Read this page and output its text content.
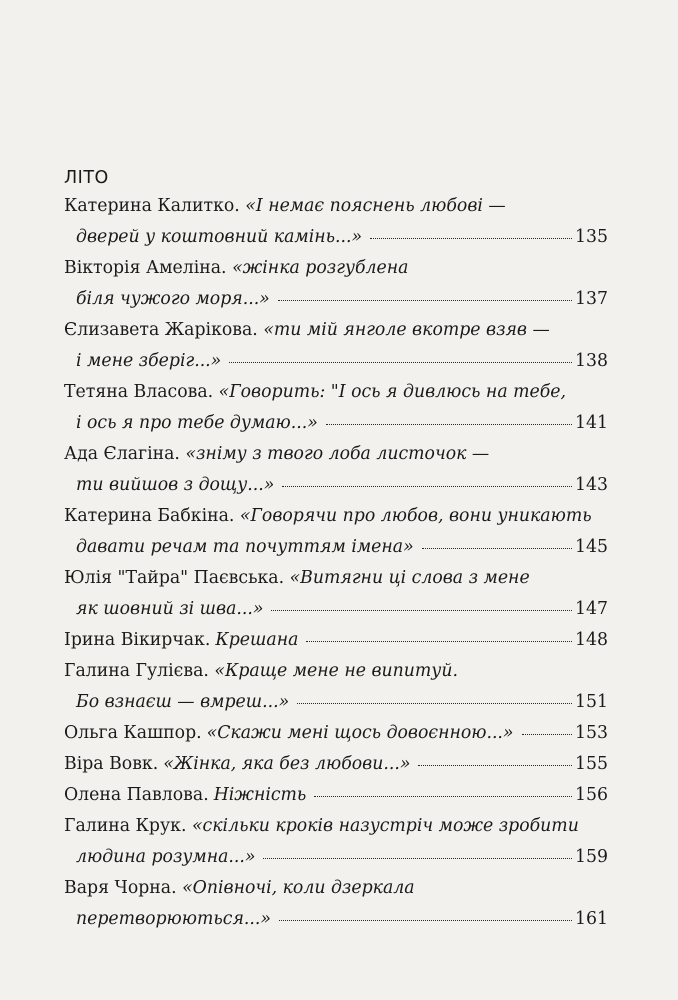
ЛІТО
Катерина Калитко. «І немає пояснень любові —
дверей у коштовний камінь...»	135
Вікторія Амеліна. «жінка розгублена
біля чужого моря...»	137
Єлизавета Жарікова. «ти мій янголе вкотре взяв —
і мене зберіг...»	138
Тетяна Власова. «Говорить: "І ось я дивлюсь на тебе,
і ось я про тебе думаю...»	141
Ада Єлагіна. «зніму з твого лоба листочок —
ти вийшов з дощу...»	143
Катерина Бабкіна. «Говорячи про любов, вони уникають
давати речам та почуттям імена»	145
Юлія "Тайра" Паєвська. «Витягни ці слова з мене
як шовний зі шва...»	147
Ірина Вікирчак. Крешана	148
Галина Гулієва. «Краще мене не випитуй.
Бо взнаєш — вмреш...»	151
Ольга Кашпор. «Скажи мені щось довоєнною...»	153
Віра Вовк. «Жінка, яка без любови...»	155
Олена Павлова. Ніжність	156
Галина Крук. «скільки кроків назустріч може зробити
людина розумна...»	159
Варя Чорна. «Опівночі, коли дзеркала
перетворюються...»	161
